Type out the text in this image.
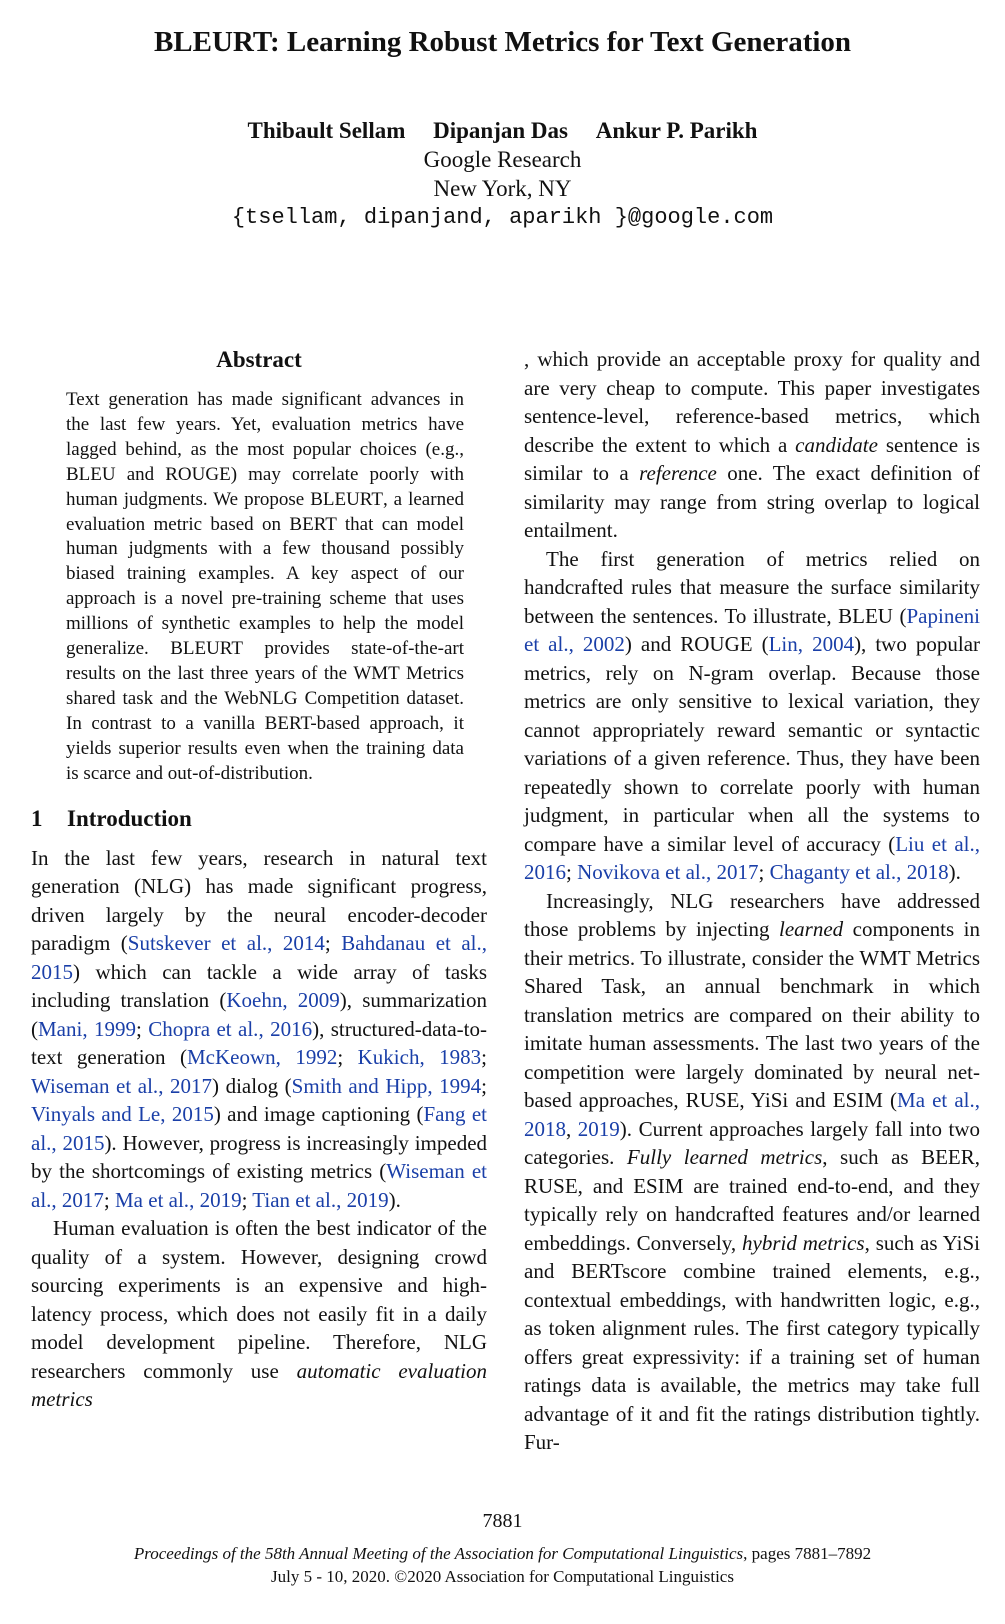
BLEURT: Learning Robust Metrics for Text Generation
Thibault Sellam Dipanjan Das Ankur P. Parikh
Google Research
New York, NY
{tsellam, dipanjand, aparikh }@google.com
Abstract

Text generation has made significant advances in the last few years. Yet, evaluation metrics have lagged behind, as the most popular choices (e.g., BLEU and ROUGE) may correlate poorly with human judgments. We propose BLEURT, a learned evaluation metric based on BERT that can model human judgments with a few thousand possibly biased training examples. A key aspect of our approach is a novel pre-training scheme that uses millions of synthetic examples to help the model generalize. BLEURT provides state-of-the-art results on the last three years of the WMT Metrics shared task and the WebNLG Competition dataset. In contrast to a vanilla BERT-based approach, it yields superior results even when the training data is scarce and out-of-distribution.

1 Introduction

In the last few years, research in natural text generation (NLG) has made significant progress, driven largely by the neural encoder-decoder paradigm (Sutskever et al., 2014; Bahdanau et al., 2015) which can tackle a wide array of tasks including translation (Koehn, 2009), summarization (Mani, 1999; Chopra et al., 2016), structured-data-to-text generation (McKeown, 1992; Kukich, 1983; Wiseman et al., 2017) dialog (Smith and Hipp, 1994; Vinyals and Le, 2015) and image captioning (Fang et al., 2015). However, progress is increasingly impeded by the shortcomings of existing metrics (Wiseman et al., 2017; Ma et al., 2019; Tian et al., 2019).

Human evaluation is often the best indicator of the quality of a system. However, designing crowd sourcing experiments is an expensive and high-latency process, which does not easily fit in a daily model development pipeline. Therefore, NLG researchers commonly use automatic evaluation metrics

, which provide an acceptable proxy for quality and are very cheap to compute. This paper investigates sentence-level, reference-based metrics, which describe the extent to which a candidate sentence is similar to a reference one. The exact definition of similarity may range from string overlap to logical entailment.

The first generation of metrics relied on handcrafted rules that measure the surface similarity between the sentences. To illustrate, BLEU (Papineni et al., 2002) and ROUGE (Lin, 2004), two popular metrics, rely on N-gram overlap. Because those metrics are only sensitive to lexical variation, they cannot appropriately reward semantic or syntactic variations of a given reference. Thus, they have been repeatedly shown to correlate poorly with human judgment, in particular when all the systems to compare have a similar level of accuracy (Liu et al., 2016; Novikova et al., 2017; Chaganty et al., 2018).

Increasingly, NLG researchers have addressed those problems by injecting learned components in their metrics. To illustrate, consider the WMT Metrics Shared Task, an annual benchmark in which translation metrics are compared on their ability to imitate human assessments. The last two years of the competition were largely dominated by neural net-based approaches, RUSE, YiSi and ESIM (Ma et al., 2018, 2019). Current approaches largely fall into two categories. Fully learned metrics, such as BEER, RUSE, and ESIM are trained end-to-end, and they typically rely on handcrafted features and/or learned embeddings. Conversely, hybrid metrics, such as YiSi and BERTscore combine trained elements, e.g., contextual embeddings, with handwritten logic, e.g., as token alignment rules. The first category typically offers great expressivity: if a training set of human ratings data is available, the metrics may take full advantage of it and fit the ratings distribution tightly. Fur-

7881
Proceedings of the 58th Annual Meeting of the Association for Computational Linguistics, pages 7881–7892
July 5 - 10, 2020. ©2020 Association for Computational Linguistics
